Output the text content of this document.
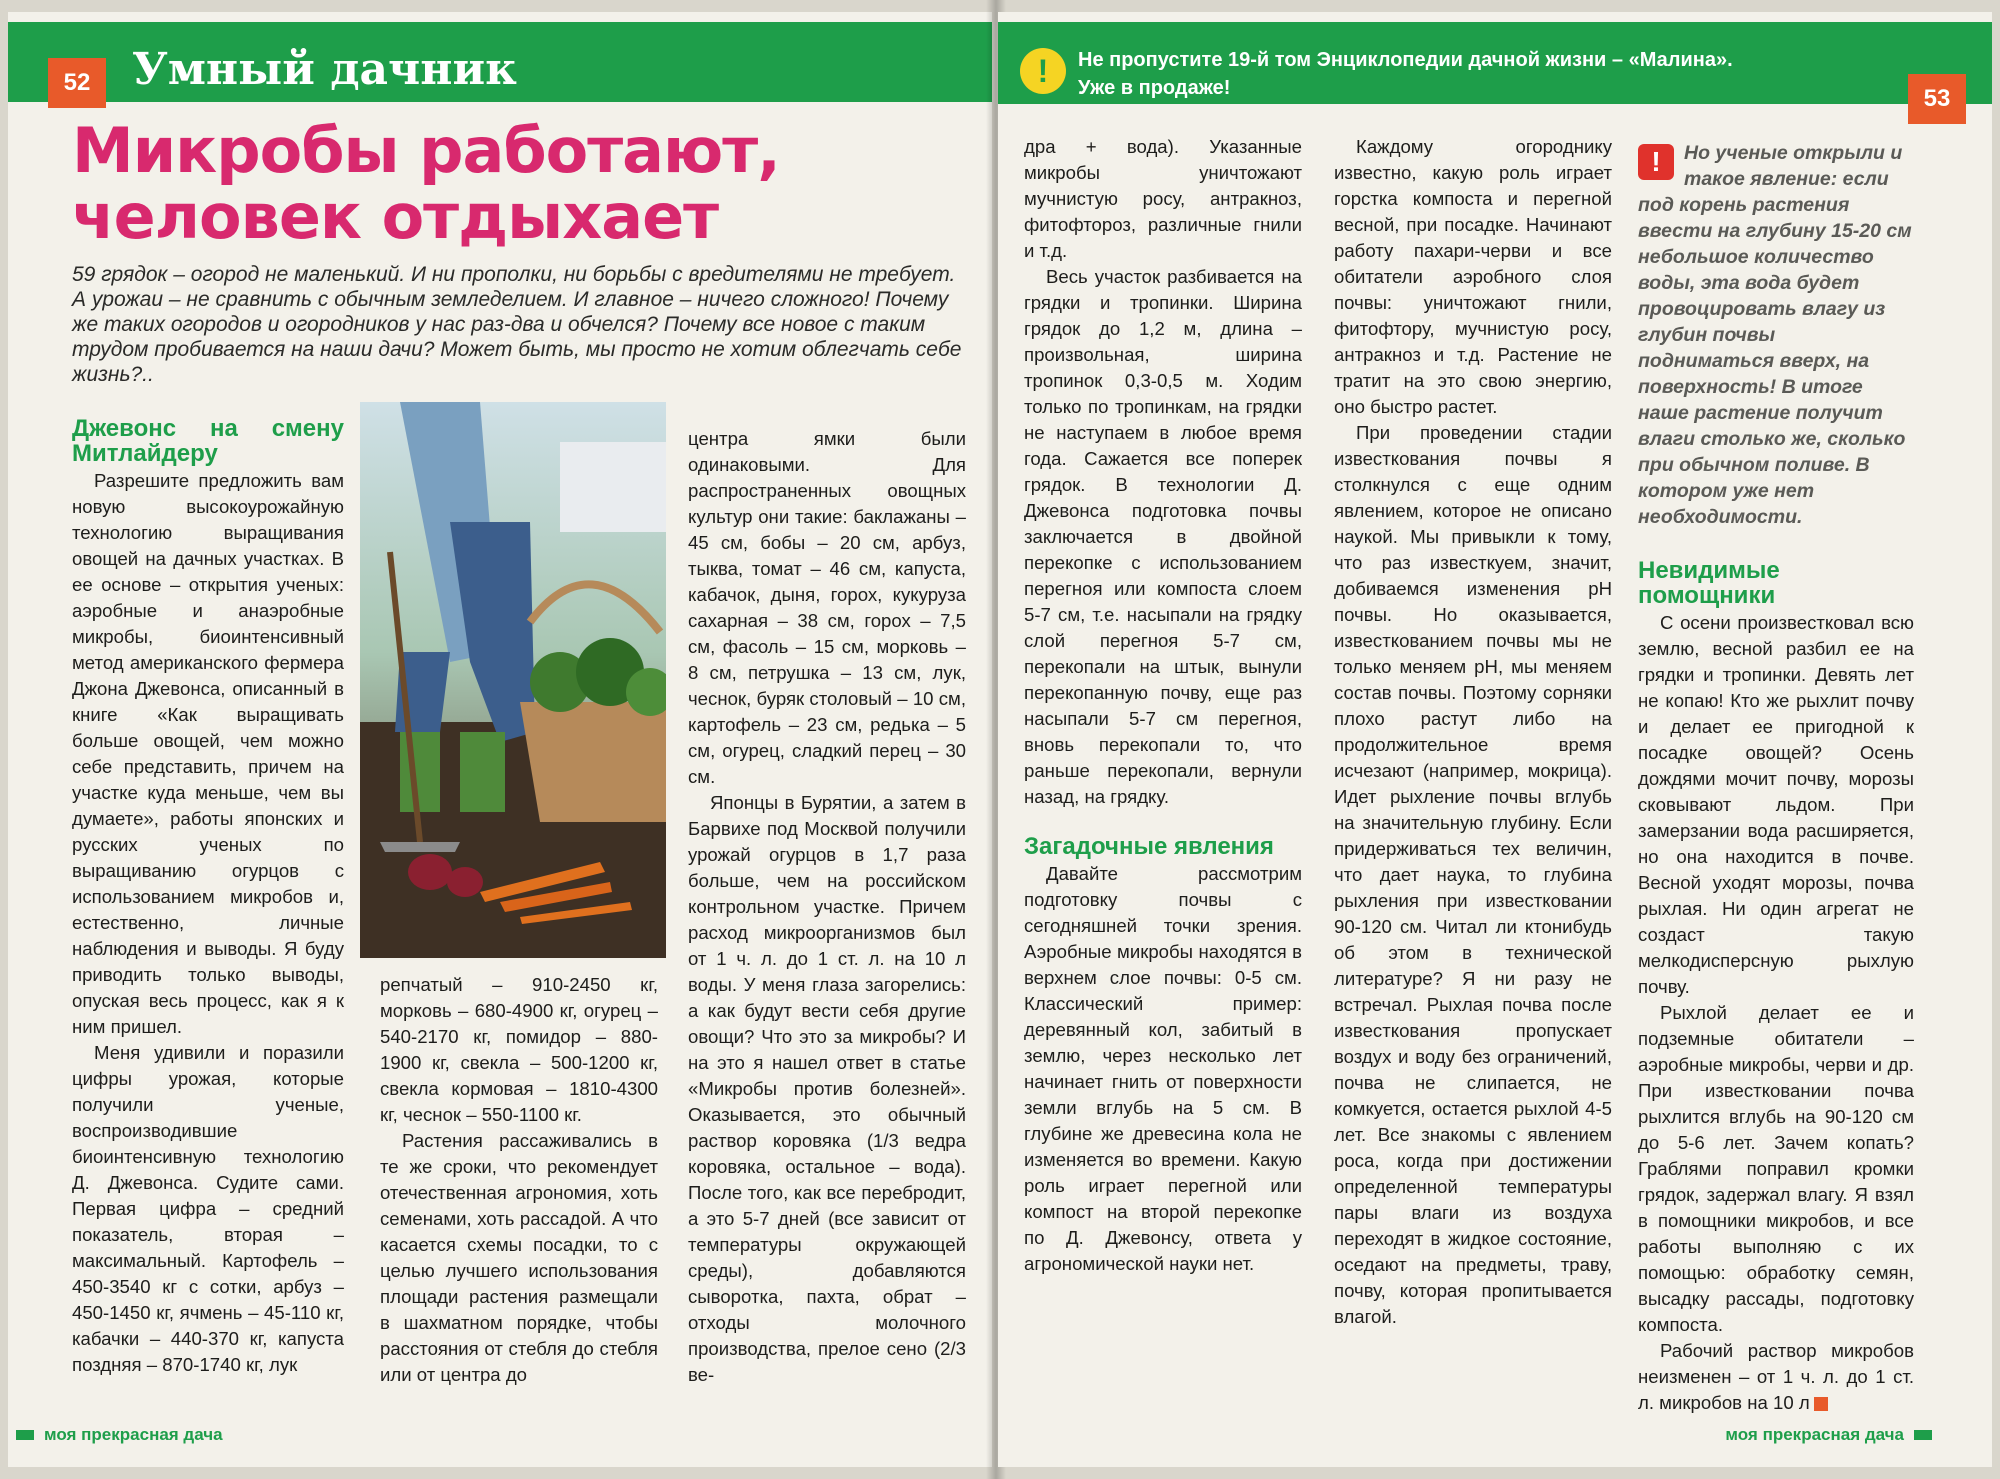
52 Умный дачник
Микробы работают, человек отдыхает
59 грядок – огород не маленький. И ни прополки, ни борьбы с вредителями не требует. А урожаи – не сравнить с обычным земледелием. И главное – ничего сложного! Почему же таких огородов и огородников у нас раз-два и обчелся? Почему все новое с таким трудом пробивается на наши дачи? Может быть, мы просто не хотим облегчать себе жизнь?..
Джевонс на смену Митлайдеру

Разрешите предложить вам новую высокоурожайную технологию выращивания овощей на дачных участках. В ее основе – открытия ученых: аэробные и анаэробные микробы, биоинтенсивный метод американского фермера Джона Джевонса, описанный в книге «Как выращивать больше овощей, чем можно себе представить, причем на участке куда меньше, чем вы думаете», работы японских и русских ученых по выращиванию огурцов с использованием микробов и, естественно, личные наблюдения и выводы. Я буду приводить только выводы, опуская весь процесс, как я к ним пришел.

Меня удивили и поразили цифры урожая, которые получили ученые, воспроизводившие биоинтенсивную технологию Д. Джевонса. Судите сами. Первая цифра – средний показатель, вторая – максимальный. Картофель – 450-3540 кг с сотки, арбуз – 450-1450 кг, ячмень – 45-110 кг, кабачки – 440-370 кг, капуста поздняя – 870-1740 кг, лук

репчатый – 910-2450 кг, морковь – 680-4900 кг, огурец – 540-2170 кг, помидор – 880-1900 кг, свекла – 500-1200 кг, свекла кормовая – 1810-4300 кг, чеснок – 550-1100 кг.

Растения рассаживались в те же сроки, что рекомендует отечественная агрономия, хоть семенами, хоть рассадой. А что касается схемы посадки, то с целью лучшего использования площади растения размещали в шахматном порядке, чтобы расстояния от стебля до стебля или от центра до

центра ямки были одинаковыми. Для распространенных овощных культур они такие: баклажаны – 45 см, бобы – 20 см, арбуз, тыква, томат – 46 см, капуста, кабачок, дыня, горох, кукуруза сахарная – 38 см, горох – 7,5 см, фасоль – 15 см, морковь – 8 см, петрушка – 13 см, лук, чеснок, буряк столовый – 10 см, картофель – 23 см, редька – 5 см, огурец, сладкий перец – 30 см.

Японцы в Бурятии, а затем в Барвихе под Москвой получили урожай огурцов в 1,7 раза больше, чем на российском контрольном участке. Причем расход микроорганизмов был от 1 ч. л. до 1 ст. л. на 10 л воды. У меня глаза загорелись: а как будут вести себя другие овощи? Что это за микробы? И на это я нашел ответ в статье «Микробы против болезней». Оказывается, это обычный раствор коровяка (1/3 ведра коровяка, остальное – вода). После того, как все перебродит, а это 5-7 дней (все зависит от температуры окружающей среды), добавляются сыворотка, пахта, обрат – отходы молочного производства, прелое сено (2/3 ве-

моя прекрасная дача
!	Не пропустите 19-й том Энциклопедии дачной жизни – «Малина».
Уже в продаже!	53

дра + вода). Указанные микробы уничтожают мучнистую росу, антракноз, фитофтороз, различные гнили и т.д.

Весь участок разбивается на грядки и тропинки. Ширина грядок до 1,2 м, длина – произвольная, ширина тропинок 0,3-0,5 м. Ходим только по тропинкам, на грядки не наступаем в любое время года. Сажается все поперек грядок. В технологии Д. Джевонса подготовка почвы заключается в двойной перекопке с использованием перегноя или компоста слоем 5-7 см, т.е. насыпали на грядку слой перегноя 5-7 см, перекопали на штык, вынули перекопанную почву, еще раз насыпали 5-7 см перегноя, вновь перекопали то, что раньше перекопали, вернули назад, на грядку.

Загадочные явления

Давайте рассмотрим подготовку почвы с сегодняшней точки зрения. Аэробные микробы находятся в верхнем слое почвы: 0-5 см. Классический пример: деревянный кол, забитый в землю, через несколько лет начинает гнить от поверхности земли вглубь на 5 см. В глубине же древесина кола не изменяется во времени. Какую роль играет перегной или компост на второй перекопке по Д. Джевонсу, ответа у агрономической науки нет.

Каждому огороднику известно, какую роль играет горстка компоста и перегной весной, при посадке. Начинают работу пахари-черви и все обитатели аэробного слоя почвы: уничтожают гнили, фитофтору, мучнистую росу, антракноз и т.д. Растение не тратит на это свою энергию, оно быстро растет.

При проведении стадии известкования почвы я столкнулся с еще одним явлением, которое не описано наукой. Мы привыкли к тому, что раз известкуем, значит, добиваемся изменения рН почвы. Но оказывается, известкованием почвы мы не только меняем рН, мы меняем состав почвы. Поэтому сорняки плохо растут либо на продолжительное время исчезают (например, мокрица). Идет рыхление почвы вглубь на значительную глубину. Если придерживаться тех величин, что дает наука, то глубина рыхления при известковании 90-120 см. Читал ли ктонибудь об этом в технической литературе? Я ни разу не встречал. Рыхлая почва после известкования пропускает воздух и воду без ограничений, почва не слипается, не комкуется, остается рыхлой 4-5 лет. Все знакомы с явлением роса, когда при достижении определенной температуры пары влаги из воздуха переходят в жидкое состояние, оседают на предметы, траву, почву, которая пропитывается влагой.

!	Но ученые открыли и такое явление: если под корень растения ввести на глубину 15-20 см небольшое количество воды, эта вода будет провоцировать влагу из глубин почвы подниматься вверх, на поверхность! В итоге наше растение получит влаги столько же, сколько при обычном поливе. В котором уже нет необходимости.
Невидимые помощники

С осени произвестковал всю землю, весной разбил ее на грядки и тропинки. Девять лет не копаю! Кто же рыхлит почву и делает ее пригодной к посадке овощей? Осень дождями мочит почву, морозы сковывают льдом. При замерзании вода расширяется, но она находится в почве. Весной уходят морозы, почва рыхлая. Ни один агрегат не создаст такую мелкодисперсную рыхлую почву.

Рыхлой делает ее и подземные обитатели – аэробные микробы, черви и др. При известковании почва рыхлится вглубь на 90-120 см до 5-6 лет. Зачем копать? Граблями поправил кромки грядок, задержал влагу. Я взял в помощники микробов, и все работы выполняю с их помощью: обработку семян, высадку рассады, подготовку компоста.

Рабочий раствор микробов неизменен – от 1 ч. л. до 1 ст. л. микробов на 10 л

моя прекрасная дача
